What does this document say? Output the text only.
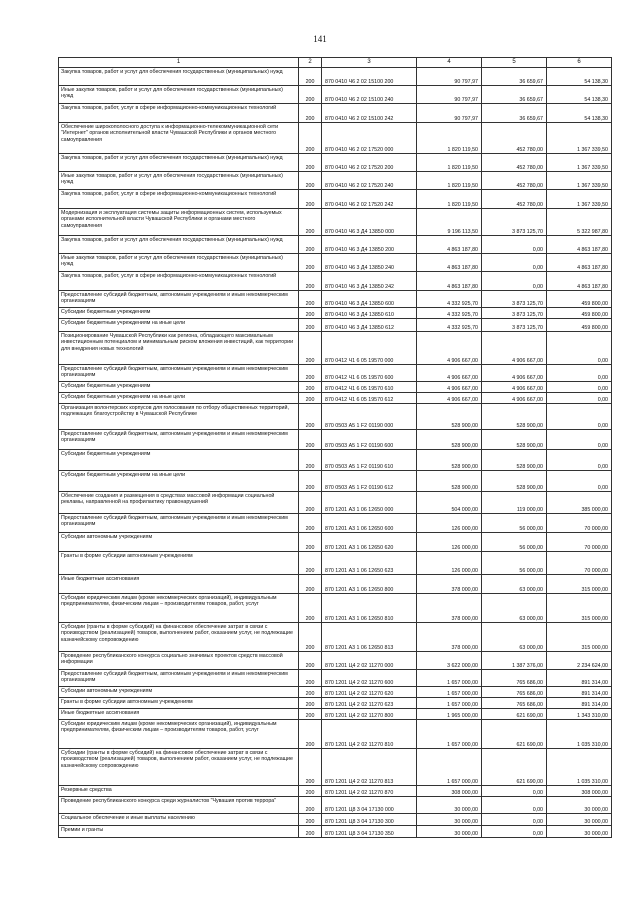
141
1	2	3	4	5	6
Закупка товаров, работ и услуг для обеспечения государственных (муниципальных) нужд	200	870 0410 Ч6 2 02 15100 200	90 797,97	36 659,67	54 138,30
Иные закупки товаров, работ и услуг для обеспечения государственных (муниципальных) нужд	200	870 0410 Ч6 2 02 15100 240	90 797,97	36 659,67	54 138,30
Закупка товаров, работ, услуг в сфере информационно-коммуникационных технологий	200	870 0410 Ч6 2 02 15100 242	90 797,97	36 659,67	54 138,30
Обеспечение широкополосного доступа к информационно-телекоммуникационной сети "Интернет" органов исполнительной власти Чувашской Республики и органов местного самоуправления	200	870 0410 Ч6 2 02 17520 000	1 820 119,50	452 780,00	1 367 339,50
Закупка товаров, работ и услуг для обеспечения государственных (муниципальных) нужд	200	870 0410 Ч6 2 02 17520 200	1 820 119,50	452 780,00	1 367 339,50
Иные закупки товаров, работ и услуг для обеспечения государственных (муниципальных) нужд	200	870 0410 Ч6 2 02 17520 240	1 820 119,50	452 780,00	1 367 339,50
Закупка товаров, работ, услуг в сфере информационно-коммуникационных технологий	200	870 0410 Ч6 2 02 17520 242	1 820 119,50	452 780,00	1 367 339,50
Модернизация и эксплуатация системы защиты информационных систем, используемых органами исполнительной власти Чувашской Республики и органами местного самоуправления	200	870 0410 Ч6 3 Д4 13850 000	9 196 113,50	3 873 125,70	5 322 987,80
Закупка товаров, работ и услуг для обеспечения государственных (муниципальных) нужд	200	870 0410 Ч6 3 Д4 13850 200	4 863 187,80	0,00	4 863 187,80
Иные закупки товаров, работ и услуг для обеспечения государственных (муниципальных) нужд	200	870 0410 Ч6 3 Д4 13850 240	4 863 187,80	0,00	4 863 187,80
Закупка товаров, работ, услуг в сфере информационно-коммуникационных технологий	200	870 0410 Ч6 3 Д4 13850 242	4 863 187,80	0,00	4 863 187,80
Предоставление субсидий бюджетным, автономным учреждениям и иным некоммерческим организациям	200	870 0410 Ч6 3 Д4 13850 600	4 332 925,70	3 873 125,70	459 800,00
Субсидии бюджетным учреждениям	200	870 0410 Ч6 3 Д4 13850 610	4 332 925,70	3 873 125,70	459 800,00
Субсидии бюджетным учреждениям на иные цели	200	870 0410 Ч6 3 Д4 13850 612	4 332 925,70	3 873 125,70	459 800,00
Позиционирование Чувашской Республики как региона, обладающего максимальным инвестиционным потенциалом и минимальным риском вложения инвестиций, как территории для внедрения новых технологий	200	870 0412 Ч1 6 05 19570 000	4 906 667,00	4 906 667,00	0,00
Предоставление субсидий бюджетным, автономным учреждениям и иным некоммерческим организациям	200	870 0412 Ч1 6 05 19570 600	4 906 667,00	4 906 667,00	0,00
Субсидии бюджетным учреждениям	200	870 0412 Ч1 6 05 19570 610	4 906 667,00	4 906 667,00	0,00
Субсидии бюджетным учреждениям на иные цели	200	870 0412 Ч1 6 05 19570 612	4 906 667,00	4 906 667,00	0,00
Организация волонтерских корпусов для голосования по отбору общественных территорий, подлежащих благоустройству в Чувашской Республике	200	870 0503 А5 1 F2 01190 000	528 900,00	528 900,00	0,00
Предоставление субсидий бюджетным, автономным учреждениям и иным некоммерческим организациям	200	870 0503 А5 1 F2 01190 600	528 900,00	528 900,00	0,00
Субсидии бюджетным учреждениям	200	870 0503 А5 1 F2 01190 610	528 900,00	528 900,00	0,00
Субсидии бюджетным учреждениям на иные цели	200	870 0503 А5 1 F2 01190 612	528 900,00	528 900,00	0,00
Обеспечение создания и размещения в средствах массовой информации социальной рекламы, направленной на профилактику правонарушений	200	870 1201 А3 1 06 12650 000	504 000,00	119 000,00	385 000,00
Предоставление субсидий бюджетным, автономным учреждениям и иным некоммерческим организациям	200	870 1201 А3 1 06 12650 600	126 000,00	56 000,00	70 000,00
Субсидии автономным учреждениям	200	870 1201 А3 1 06 12650 620	126 000,00	56 000,00	70 000,00
Гранты в форме субсидии автономным учреждениям	200	870 1201 А3 1 06 12650 623	126 000,00	56 000,00	70 000,00
Иные бюджетные ассигнования	200	870 1201 А3 1 06 12650 800	378 000,00	63 000,00	315 000,00
Субсидии юридическим лицам (кроме некоммерческих организаций), индивидуальным предпринимателям, физическим лицам – производителям товаров, работ, услуг	200	870 1201 А3 1 06 12650 810	378 000,00	63 000,00	315 000,00
Субсидии (гранты в форме субсидий) на финансовое обеспечение затрат в связи с производством (реализацией) товаров, выполнением работ, оказанием услуг, не подлежащие казначейскому сопровождению	200	870 1201 А3 1 06 12650 813	378 000,00	63 000,00	315 000,00
Проведение республиканского конкурса социально значимых проектов средств массовой информации	200	870 1201 Ц4 2 02 11270 000	3 622 000,00	1 387 376,00	2 234 624,00
Предоставление субсидий бюджетным, автономным учреждениям и иным некоммерческим организациям	200	870 1201 Ц4 2 02 11270 600	1 657 000,00	765 686,00	891 314,00
Субсидии автономным учреждениям	200	870 1201 Ц4 2 02 11270 620	1 657 000,00	765 686,00	891 314,00
Гранты в форме субсидии автономным учреждениям	200	870 1201 Ц4 2 02 11270 623	1 657 000,00	765 686,00	891 314,00
Иные бюджетные ассигнования	200	870 1201 Ц4 2 02 11270 800	1 965 000,00	621 690,00	1 343 310,00
Субсидии юридическим лицам (кроме некоммерческих организаций), индивидуальным предпринимателям, физическим лицам – производителям товаров, работ, услуг	200	870 1201 Ц4 2 02 11270 810	1 657 000,00	621 690,00	1 035 310,00
Субсидии (гранты в форме субсидий) на финансовое обеспечение затрат в связи с производством (реализацией) товаров, выполнением работ, оказанием услуг, не подлежащие казначейскому сопровождению	200	870 1201 Ц4 2 02 11270 813	1 657 000,00	621 690,00	1 035 310,00
Резервные средства	200	870 1201 Ц4 2 02 11270 870	308 000,00	0,00	308 000,00
Проведение республиканского конкурса среди журналистов "Чувашия против террора"	200	870 1201 Ц8 3 04 17130 000	30 000,00	0,00	30 000,00
Социальное обеспечение и иные выплаты населению	200	870 1201 Ц8 3 04 17130 300	30 000,00	0,00	30 000,00
Премии и гранты	200	870 1201 Ц8 3 04 17130 350	30 000,00	0,00	30 000,00
